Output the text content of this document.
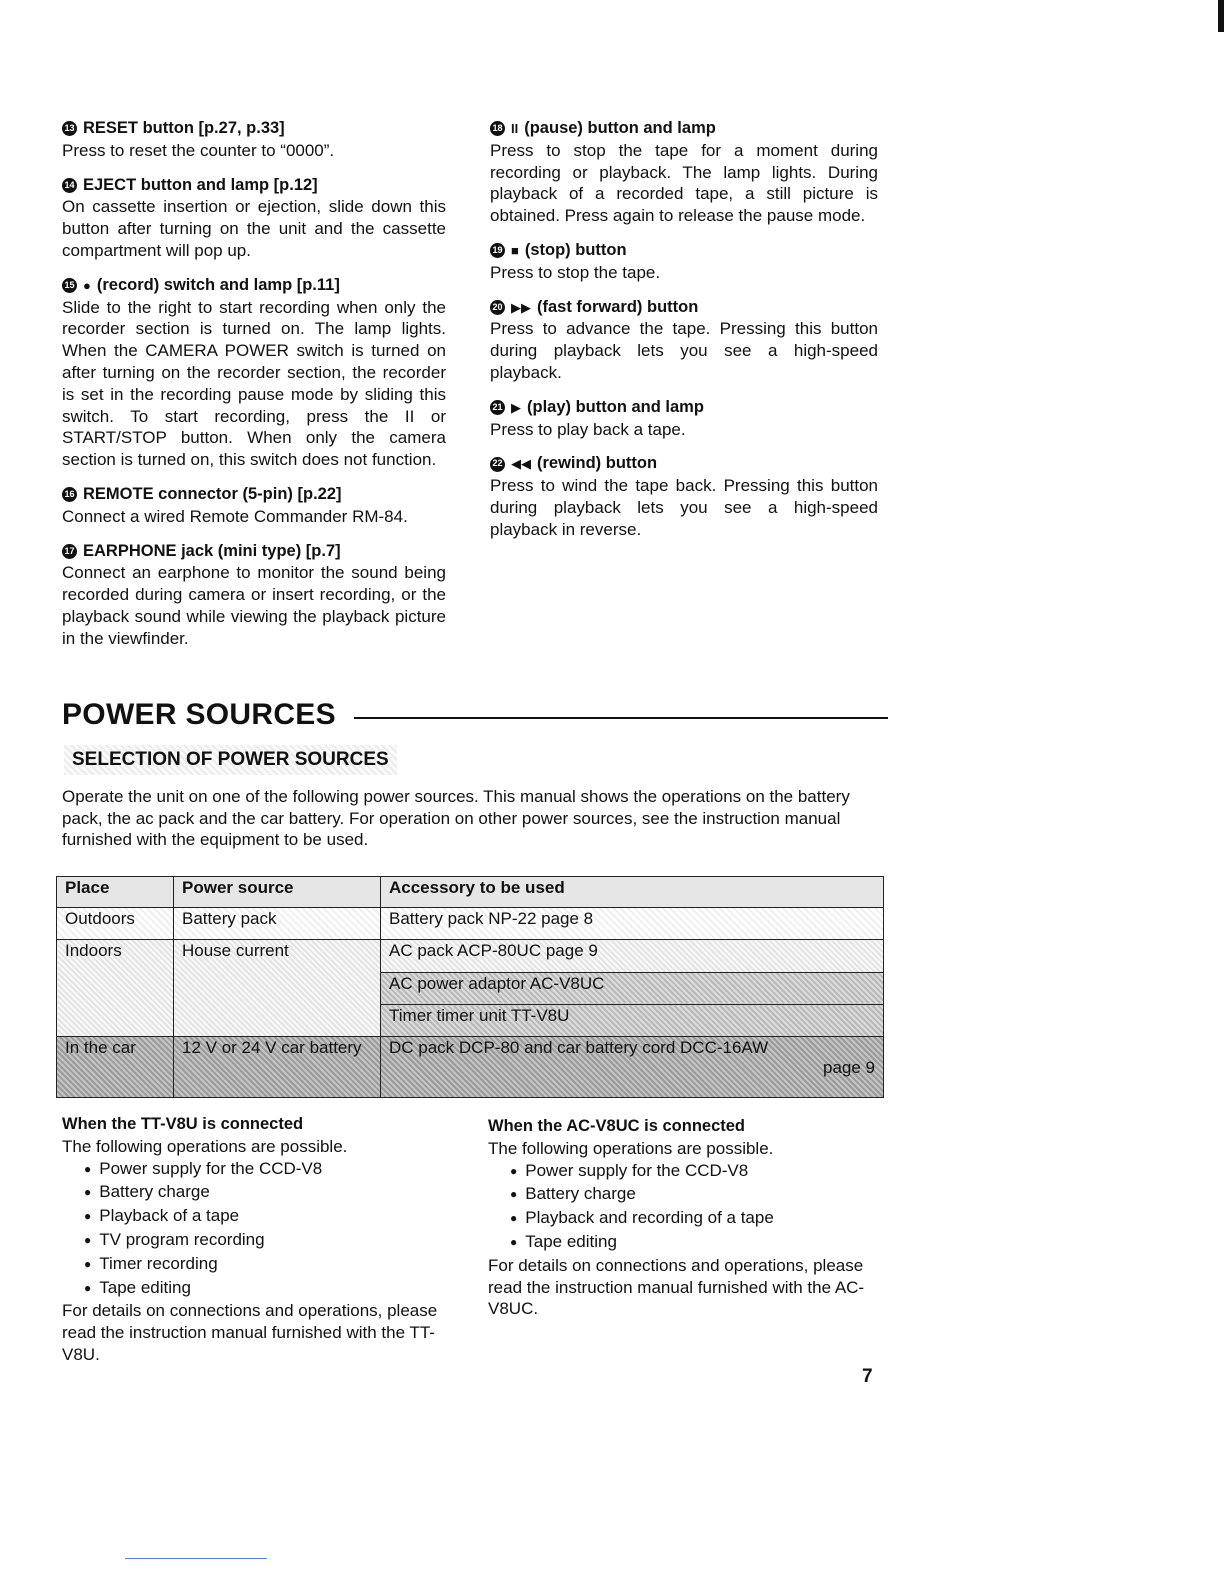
13 RESET button [p.27, p.33]
Press to reset the counter to “0000”.
14 EJECT button and lamp [p.12]
On cassette insertion or ejection, slide down this button after turning on the unit and the cassette compartment will pop up.
15 ● (record) switch and lamp [p.11]
Slide to the right to start recording when only the recorder section is turned on. The lamp lights. When the CAMERA POWER switch is turned on after turning on the recorder section, the recorder is set in the recording pause mode by sliding this switch. To start recording, press the II or START/STOP button. When only the camera section is turned on, this switch does not function.
16 REMOTE connector (5-pin) [p.22]
Connect a wired Remote Commander RM-84.
17 EARPHONE jack (mini type) [p.7]
Connect an earphone to monitor the sound being recorded during camera or insert recording, or the playback sound while viewing the playback picture in the viewfinder.
18 II (pause) button and lamp
Press to stop the tape for a moment during recording or playback. The lamp lights. During playback of a recorded tape, a still picture is obtained. Press again to release the pause mode.
19 ■ (stop) button
Press to stop the tape.
20 ▶▶ (fast forward) button
Press to advance the tape. Pressing this button during playback lets you see a high-speed playback.
21 ▶ (play) button and lamp
Press to play back a tape.
22 ◀◀ (rewind) button
Press to wind the tape back. Pressing this button during playback lets you see a high-speed playback in reverse.
POWER SOURCES
SELECTION OF POWER SOURCES
Operate the unit on one of the following power sources. This manual shows the operations on the battery pack, the ac pack and the car battery. For operation on other power sources, see the instruction manual furnished with the equipment to be used.
Place	Power source	Accessory to be used
Outdoors	Battery pack	Battery pack NP-22 page 8
Indoors	House current	AC pack ACP-80UC page 9
		AC power adaptor AC-V8UC
		Timer timer unit TT-V8U
In the car	12 V or 24 V car battery	DC pack DCP-80 and car battery cord DCC-16AW
page 9
When the TT-V8U is connected
The following operations are possible.
● Power supply for the CCD-V8
● Battery charge
● Playback of a tape
● TV program recording
● Timer recording
● Tape editing
For details on connections and operations, please read the instruction manual furnished with the TT-V8U.
When the AC-V8UC is connected
The following operations are possible.
● Power supply for the CCD-V8
● Battery charge
● Playback and recording of a tape
● Tape editing
For details on connections and operations, please read the instruction manual furnished with the AC-V8UC.
7
